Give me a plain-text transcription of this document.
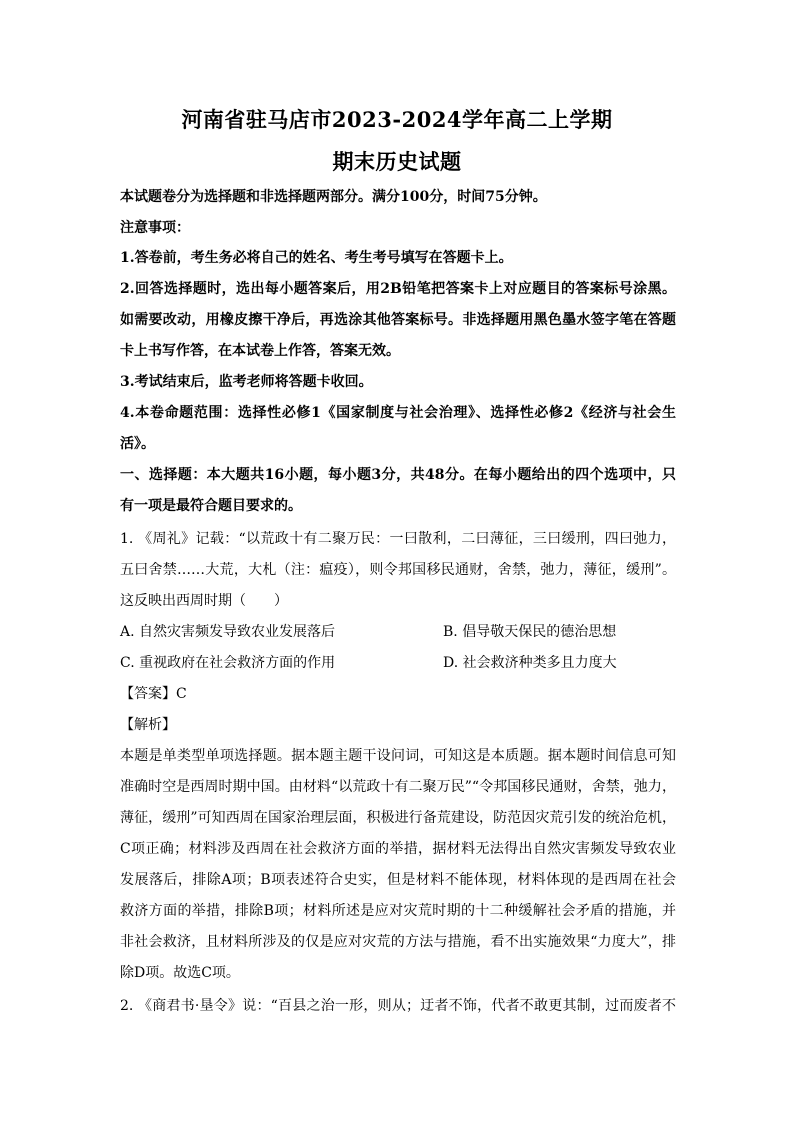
河南省驻马店市2023-2024学年高二上学期
期末历史试题
本试题卷分为选择题和非选择题两部分。满分100分，时间75分钟。
注意事项：
1.答卷前，考生务必将自己的姓名、考生考号填写在答题卡上。
2.回答选择题时，选出每小题答案后，用2B铅笔把答案卡上对应题目的答案标号涂黑。
如需要改动，用橡皮擦干净后，再选涂其他答案标号。非选择题用黑色墨水签字笔在答题
卡上书写作答，在本试卷上作答，答案无效。
3.考试结束后，监考老师将答题卡收回。
4.本卷命题范围：选择性必修1《国家制度与社会治理》、选择性必修2《经济与社会生
活》。
一、选择题：本大题共16小题，每小题3分，共48分。在每小题给出的四个选项中，只
有一项是最符合题目要求的。
1. 《周礼》记载：“以荒政十有二聚万民：一曰散利，二曰薄征，三曰缓刑，四曰弛力，
五曰舍禁……大荒，大札（注：瘟疫），则令邦国移民通财，舍禁，弛力，薄征，缓刑”。
这反映出西周时期（　　）
A. 自然灾害频发导致农业发展落后	B. 倡导敬天保民的德治思想
C. 重视政府在社会救济方面的作用	D. 社会救济种类多且力度大
【答案】C
【解析】
本题是单类型单项选择题。据本题主题干设问词，可知这是本质题。据本题时间信息可知
准确时空是西周时期中国。由材料“以荒政十有二聚万民”“令邦国移民通财，舍禁，弛力，
薄征，缓刑”可知西周在国家治理层面，积极进行备荒建设，防范因灾荒引发的统治危机，
C项正确；材料涉及西周在社会救济方面的举措，据材料无法得出自然灾害频发导致农业
发展落后，排除A项；B项表述符合史实，但是材料不能体现，材料体现的是西周在社会
救济方面的举措，排除B项；材料所述是应对灾荒时期的十二种缓解社会矛盾的措施，并
非社会救济，且材料所涉及的仅是应对灾荒的方法与措施，看不出实施效果“力度大”，排
除D项。故选C项。
2. 《商君书·垦令》说：“百县之治一形，则从；迂者不饰，代者不敢更其制，过而废者不
